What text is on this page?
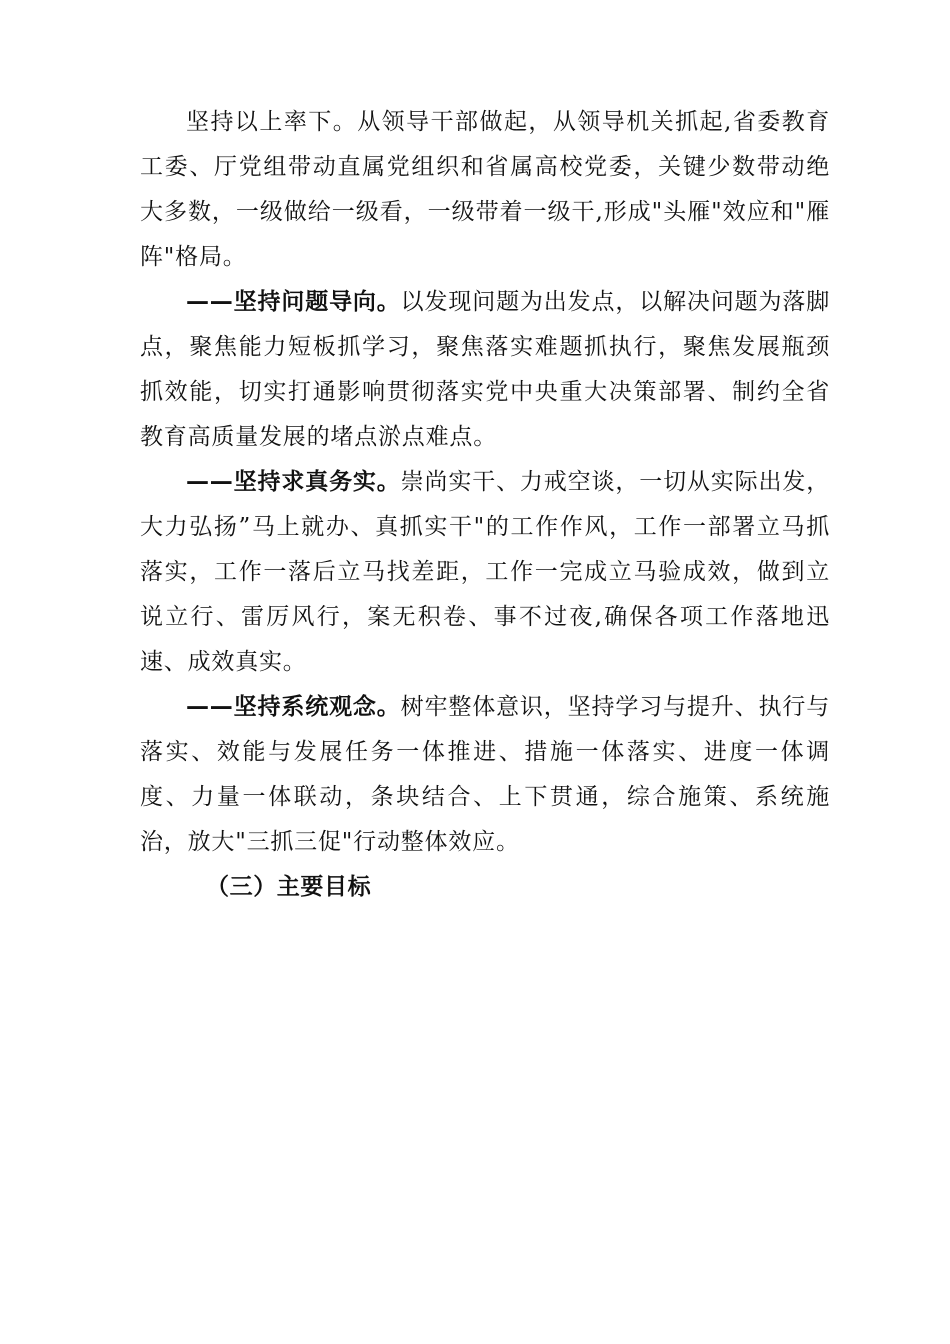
坚持以上率下。从领导干部做起，从领导机关抓起,省委教育工委、厅党组带动直属党组织和省属高校党委，关键少数带动绝大多数，一级做给一级看，一级带着一级干,形成"头雁"效应和"雁阵"格局。

——坚持问题导向。以发现问题为出发点，以解决问题为落脚点，聚焦能力短板抓学习，聚焦落实难题抓执行，聚焦发展瓶颈抓效能，切实打通影响贯彻落实党中央重大决策部署、制约全省教育高质量发展的堵点淤点难点。

——坚持求真务实。崇尚实干、力戒空谈，一切从实际出发，大力弘扬”马上就办、真抓实干"的工作作风，工作一部署立马抓落实，工作一落后立马找差距，工作一完成立马验成效，做到立说立行、雷厉风行，案无积卷、事不过夜,确保各项工作落地迅速、成效真实。

——坚持系统观念。树牢整体意识，坚持学习与提升、执行与落实、效能与发展任务一体推进、措施一体落实、进度一体调度、力量一体联动，条块结合、上下贯通，综合施策、系统施治，放大"三抓三促"行动整体效应。

（三）主要目标
